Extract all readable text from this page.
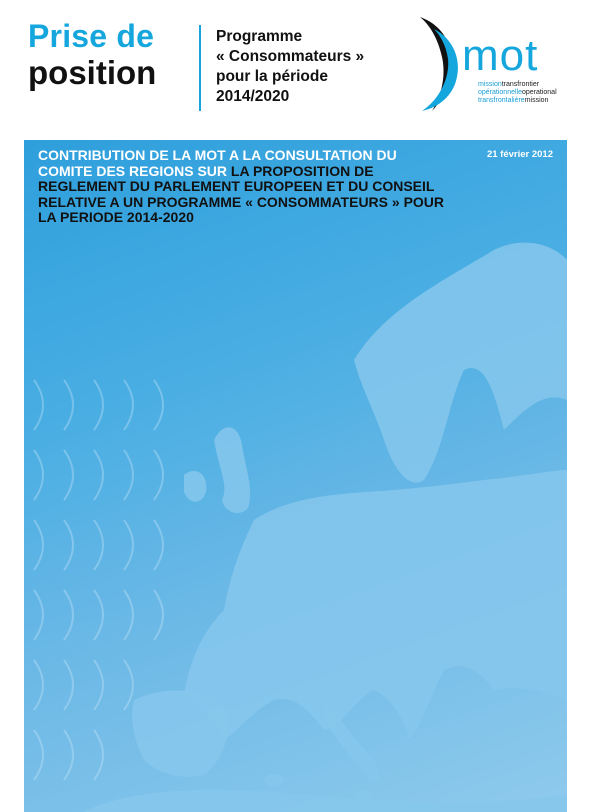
Prise de
position
Programme
« Consommateurs »
pour la période
2014/2020
mot
missiontransfrontier
opérationnelleoperational
transfrontalièremission
21 février 2012
CONTRIBUTION DE LA MOT A LA CONSULTATION DU COMITE DES REGIONS SUR LA PROPOSITION DE REGLEMENT DU PARLEMENT EUROPEEN ET DU CONSEIL RELATIVE A UN PROGRAMME « CONSOMMATEURS » POUR LA PERIODE 2014-2020
